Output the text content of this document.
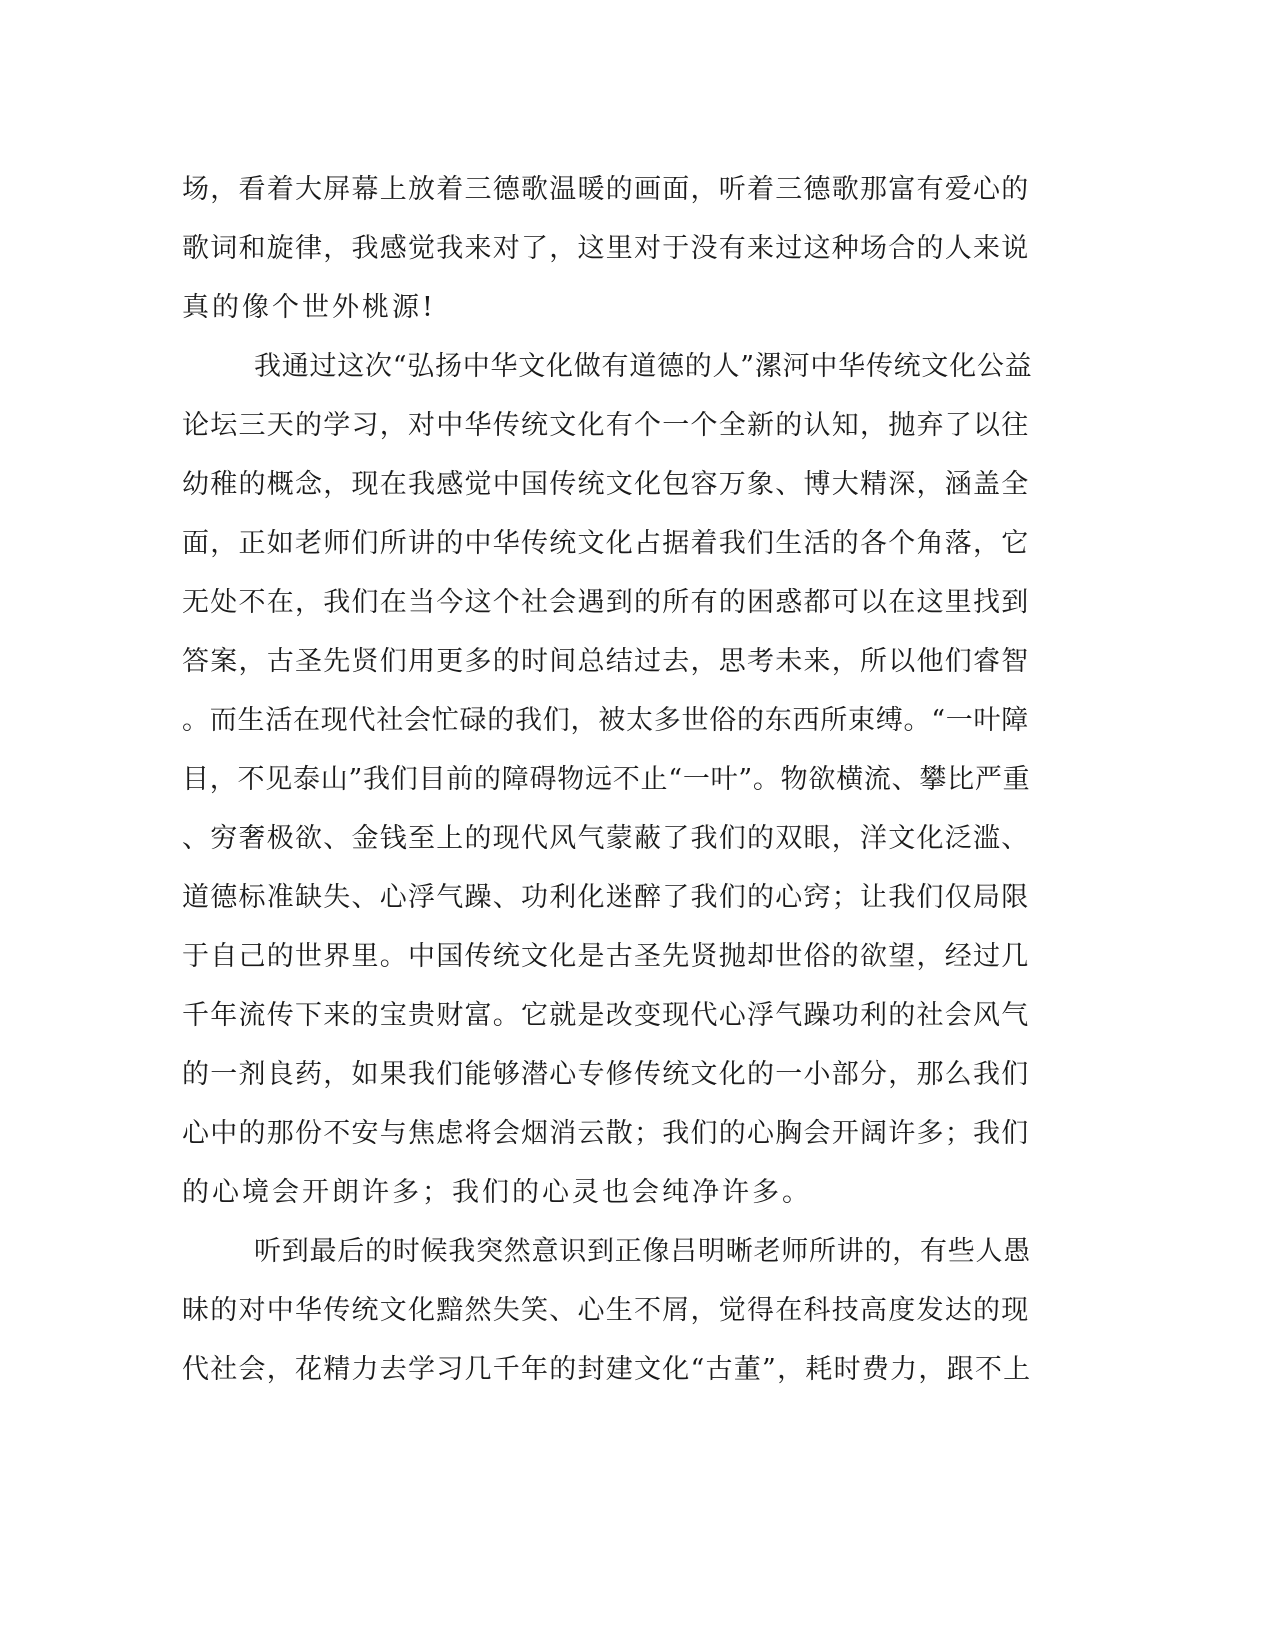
场，看着大屏幕上放着三德歌温暖的画面，听着三德歌那富有爱心的
歌词和旋律，我感觉我来对了，这里对于没有来过这种场合的人来说
真的像个世外桃源!
我通过这次“弘扬中华文化做有道德的人”漯河中华传统文化公益
论坛三天的学习，对中华传统文化有个一个全新的认知，抛弃了以往
幼稚的概念，现在我感觉中国传统文化包容万象、博大精深，涵盖全
面，正如老师们所讲的中华传统文化占据着我们生活的各个角落，它
无处不在，我们在当今这个社会遇到的所有的困惑都可以在这里找到
答案，古圣先贤们用更多的时间总结过去，思考未来，所以他们睿智
。而生活在现代社会忙碌的我们，被太多世俗的东西所束缚。“一叶障
目，不见泰山”我们目前的障碍物远不止“一叶”。物欲横流、攀比严重
、穷奢极欲、金钱至上的现代风气蒙蔽了我们的双眼，洋文化泛滥、
道德标准缺失、心浮气躁、功利化迷醉了我们的心窍；让我们仅局限
于自己的世界里。中国传统文化是古圣先贤抛却世俗的欲望，经过几
千年流传下来的宝贵财富。它就是改变现代心浮气躁功利的社会风气
的一剂良药，如果我们能够潜心专修传统文化的一小部分，那么我们
心中的那份不安与焦虑将会烟消云散；我们的心胸会开阔许多；我们
的心境会开朗许多；我们的心灵也会纯净许多。
听到最后的时候我突然意识到正像吕明晰老师所讲的，有些人愚
昧的对中华传统文化黯然失笑、心生不屑，觉得在科技高度发达的现
代社会，花精力去学习几千年的封建文化“古董”，耗时费力，跟不上
